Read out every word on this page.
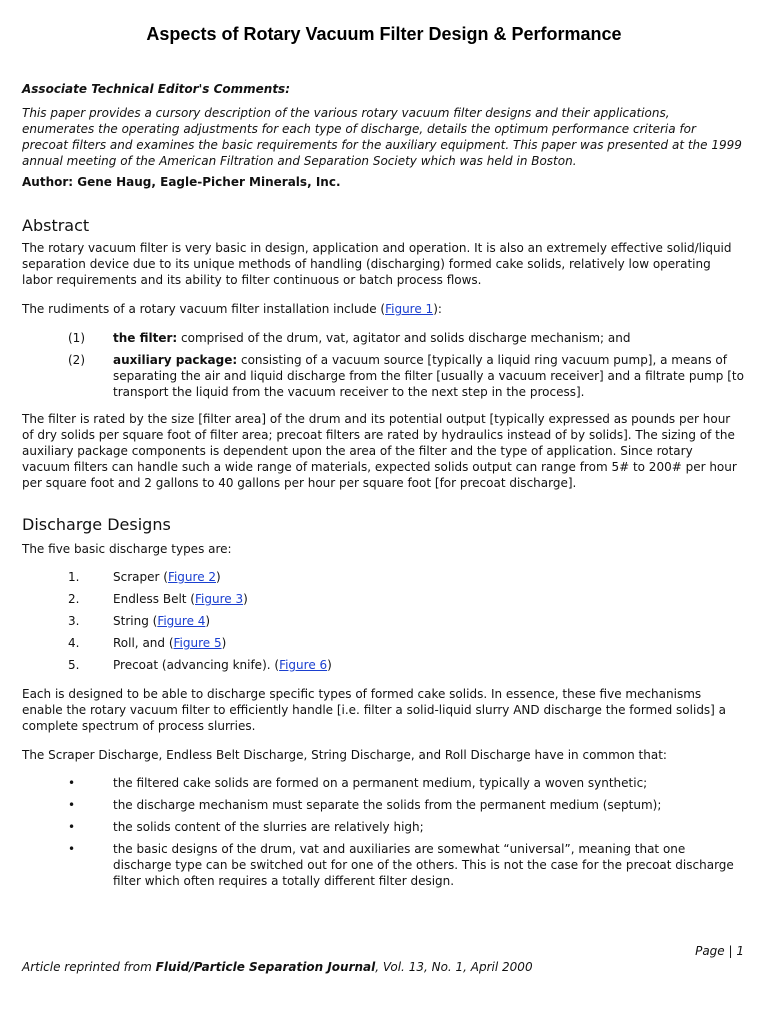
Aspects of Rotary Vacuum Filter Design & Performance
Associate Technical Editor's Comments:

This paper provides a cursory description of the various rotary vacuum filter designs and their applications, enumerates the operating adjustments for each type of discharge, details the optimum performance criteria for precoat filters and examines the basic requirements for the auxiliary equipment. This paper was presented at the 1999 annual meeting of the American Filtration and Separation Society which was held in Boston.

Author: Gene Haug, Eagle-Picher Minerals, Inc.
Abstract

The rotary vacuum filter is very basic in design, application and operation. It is also an extremely effective solid/liquid separation device due to its unique methods of handling (discharging) formed cake solids, relatively low operating labor requirements and its ability to filter continuous or batch process flows.

The rudiments of a rotary vacuum filter installation include (Figure 1):

(1)	the filter: comprised of the drum, vat, agitator and solids discharge mechanism; and
(2)	auxiliary package: consisting of a vacuum source [typically a liquid ring vacuum pump], a means of separating the air and liquid discharge from the filter [usually a vacuum receiver] and a filtrate pump [to transport the liquid from the vacuum receiver to the next step in the process].

The filter is rated by the size [filter area] of the drum and its potential output [typically expressed as pounds per hour of dry solids per square foot of filter area; precoat filters are rated by hydraulics instead of by solids]. The sizing of the auxiliary package components is dependent upon the area of the filter and the type of application. Since rotary vacuum filters can handle such a wide range of materials, expected solids output can range from 5# to 200# per hour per square foot and 2 gallons to 40 gallons per hour per square foot [for precoat discharge].

Discharge Designs

The five basic discharge types are:

1.	Scraper (Figure 2)
2.	Endless Belt (Figure 3)
3.	String (Figure 4)
4.	Roll, and (Figure 5)
5.	Precoat (advancing knife). (Figure 6)

Each is designed to be able to discharge specific types of formed cake solids. In essence, these five mechanisms enable the rotary vacuum filter to efficiently handle [i.e. filter a solid-liquid slurry AND discharge the formed solids] a complete spectrum of process slurries.

The Scraper Discharge, Endless Belt Discharge, String Discharge, and Roll Discharge have in common that:

•	the filtered cake solids are formed on a permanent medium, typically a woven synthetic;
•	the discharge mechanism must separate the solids from the permanent medium (septum);
•	the solids content of the slurries are relatively high;
•	the basic designs of the drum, vat and auxiliaries are somewhat “universal”, meaning that one discharge type can be switched out for one of the others. This is not the case for the precoat discharge filter which often requires a totally different filter design.
Page | 1
Article reprinted from Fluid/Particle Separation Journal, Vol. 13, No. 1, April 2000
